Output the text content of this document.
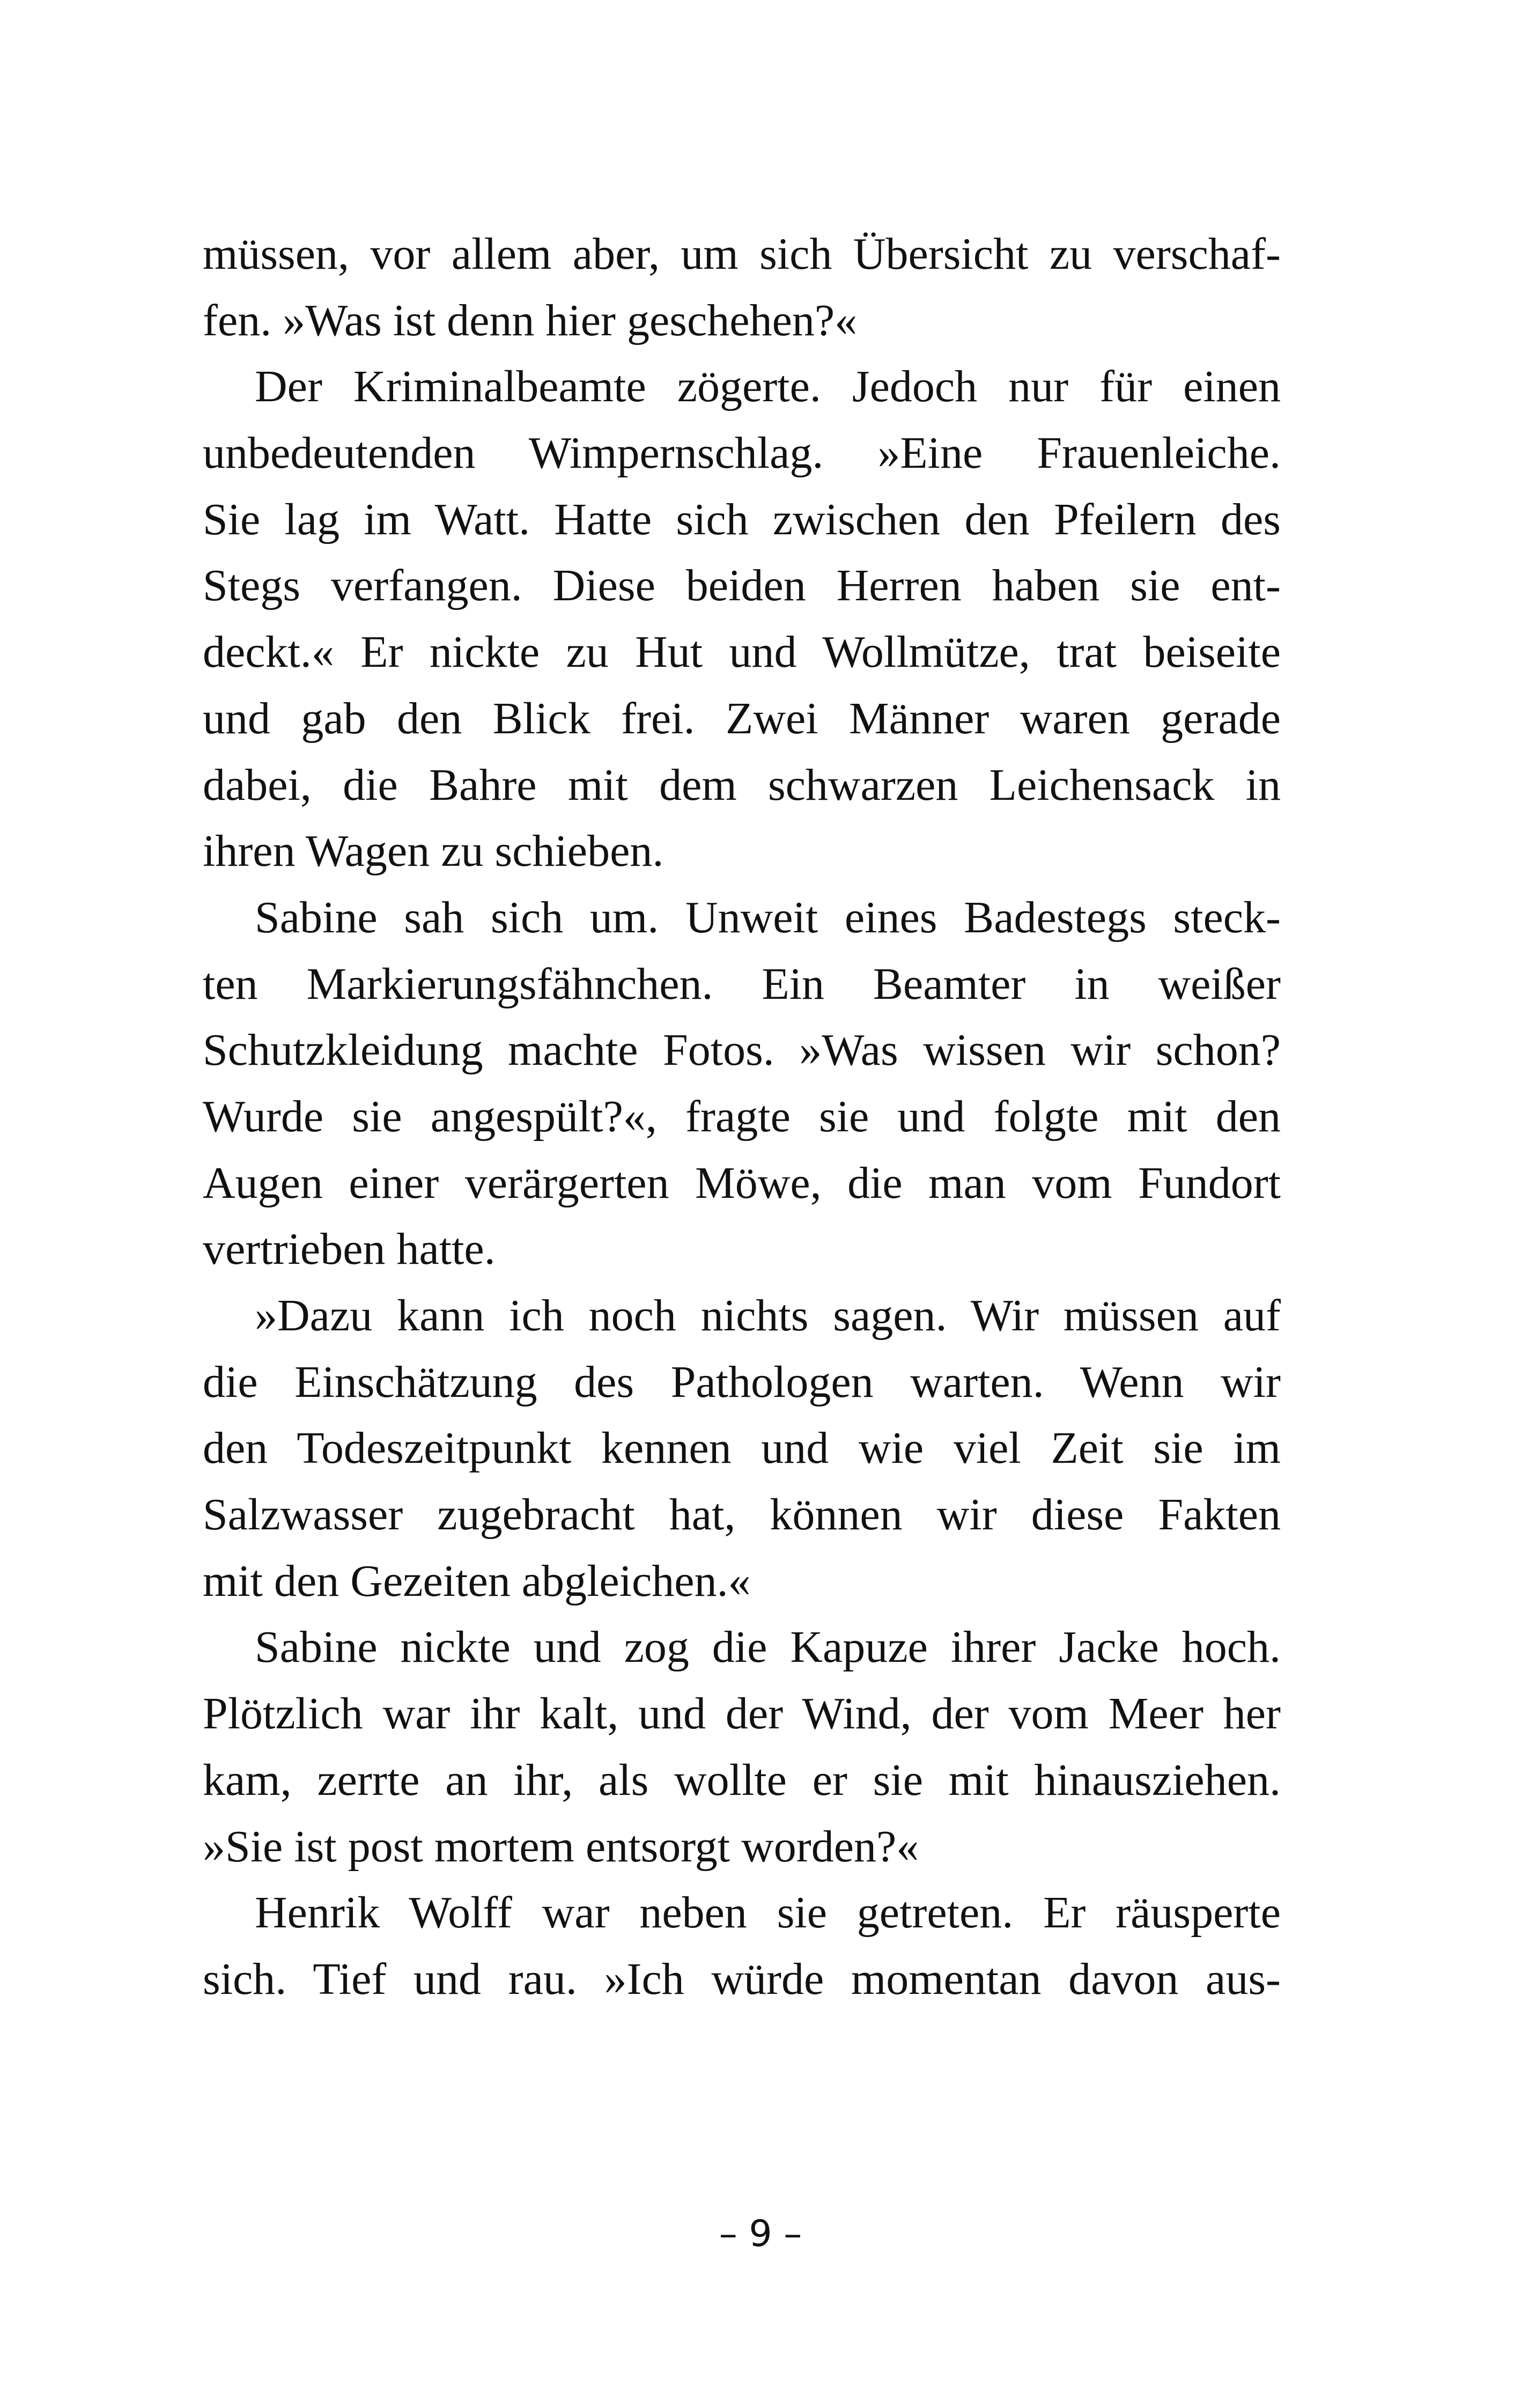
müssen, vor allem aber, um sich Übersicht zu verschaf-
fen. »Was ist denn hier geschehen?«
Der Kriminalbeamte zögerte. Jedoch nur für einen
unbedeutenden Wimpernschlag. »Eine Frauenleiche.
Sie lag im Watt. Hatte sich zwischen den Pfeilern des
Stegs verfangen. Diese beiden Herren haben sie ent-
deckt.« Er nickte zu Hut und Wollmütze, trat beiseite
und gab den Blick frei. Zwei Männer waren gerade
dabei, die Bahre mit dem schwarzen Leichensack in
ihren Wagen zu schieben.
Sabine sah sich um. Unweit eines Badestegs steck-
ten Markierungsfähnchen. Ein Beamter in weißer
Schutzkleidung machte Fotos. »Was wissen wir schon?
Wurde sie angespült?«, fragte sie und folgte mit den
Augen einer verärgerten Möwe, die man vom Fundort
vertrieben hatte.
»Dazu kann ich noch nichts sagen. Wir müssen auf
die Einschätzung des Pathologen warten. Wenn wir
den Todeszeitpunkt kennen und wie viel Zeit sie im
Salzwasser zugebracht hat, können wir diese Fakten
mit den Gezeiten abgleichen.«
Sabine nickte und zog die Kapuze ihrer Jacke hoch.
Plötzlich war ihr kalt, und der Wind, der vom Meer her
kam, zerrte an ihr, als wollte er sie mit hinausziehen.
»Sie ist post mortem entsorgt worden?«
Henrik Wolff war neben sie getreten. Er räusperte
sich. Tief und rau. »Ich würde momentan davon aus-
– 9 –
